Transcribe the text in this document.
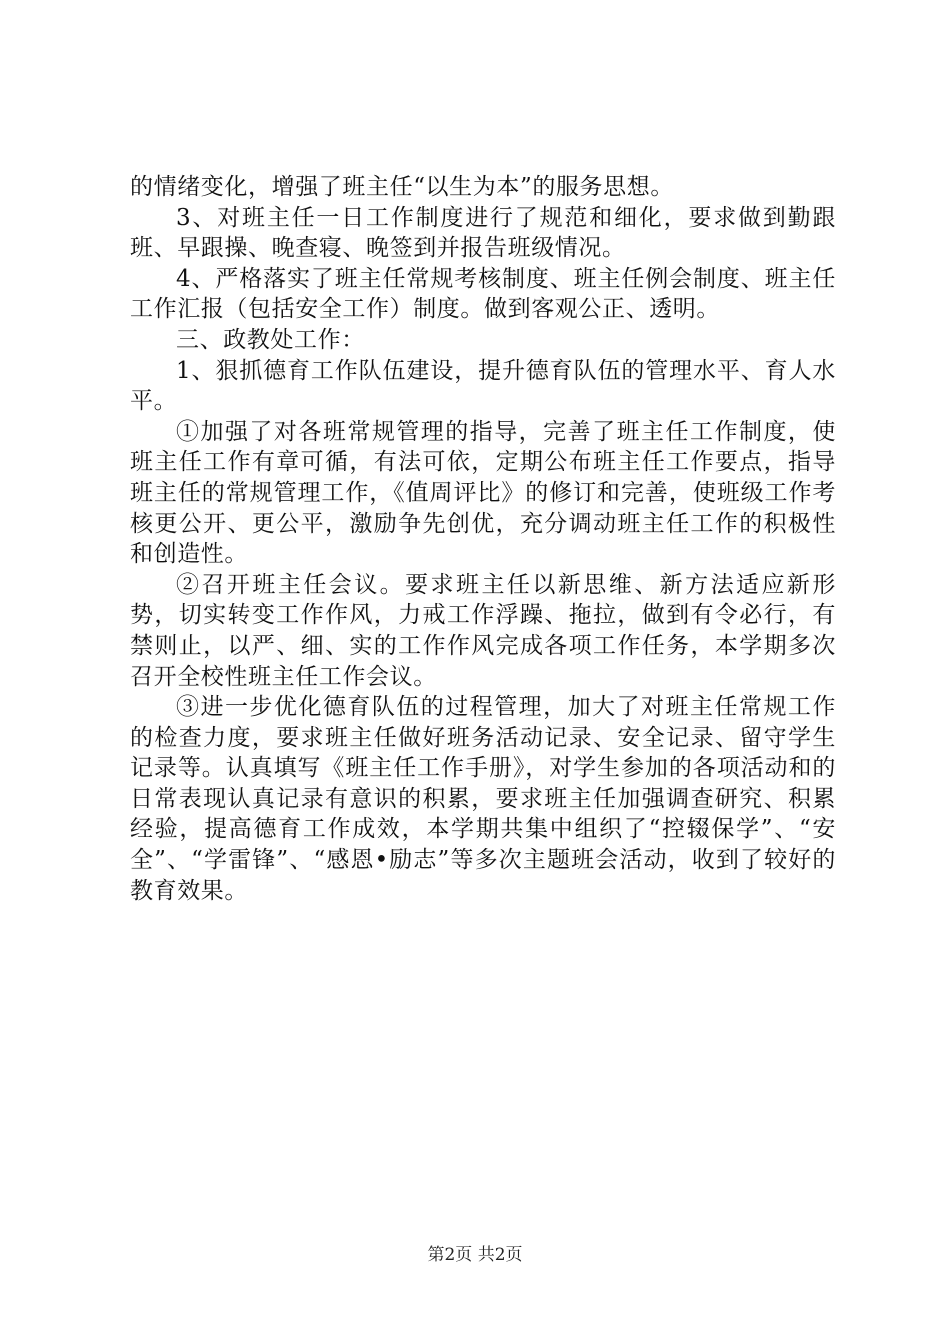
的情绪变化，增强了班主任“以生为本”的服务思想。

3、对班主任一日工作制度进行了规范和细化，要求做到勤跟班、早跟操、晚查寝、晚签到并报告班级情况。

4、严格落实了班主任常规考核制度、班主任例会制度、班主任工作汇报（包括安全工作）制度。做到客观公正、透明。

三、政教处工作：

1、狠抓德育工作队伍建设，提升德育队伍的管理水平、育人水平。

①加强了对各班常规管理的指导，完善了班主任工作制度，使班主任工作有章可循，有法可依，定期公布班主任工作要点，指导班主任的常规管理工作，《值周评比》的修订和完善，使班级工作考核更公开、更公平，激励争先创优，充分调动班主任工作的积极性和创造性。

②召开班主任会议。要求班主任以新思维、新方法适应新形势，切实转变工作作风，力戒工作浮躁、拖拉，做到有令必行，有禁则止，以严、细、实的工作作风完成各项工作任务，本学期多次召开全校性班主任工作会议。

③进一步优化德育队伍的过程管理，加大了对班主任常规工作的检查力度，要求班主任做好班务活动记录、安全记录、留守学生记录等。认真填写《班主任工作手册》，对学生参加的各项活动和的日常表现认真记录有意识的积累，要求班主任加强调查研究、积累经验，提高德育工作成效，本学期共集中组织了“控辍保学”、“安全”、“学雷锋”、“感恩•励志”等多次主题班会活动，收到了较好的教育效果。

第2页 共2页
